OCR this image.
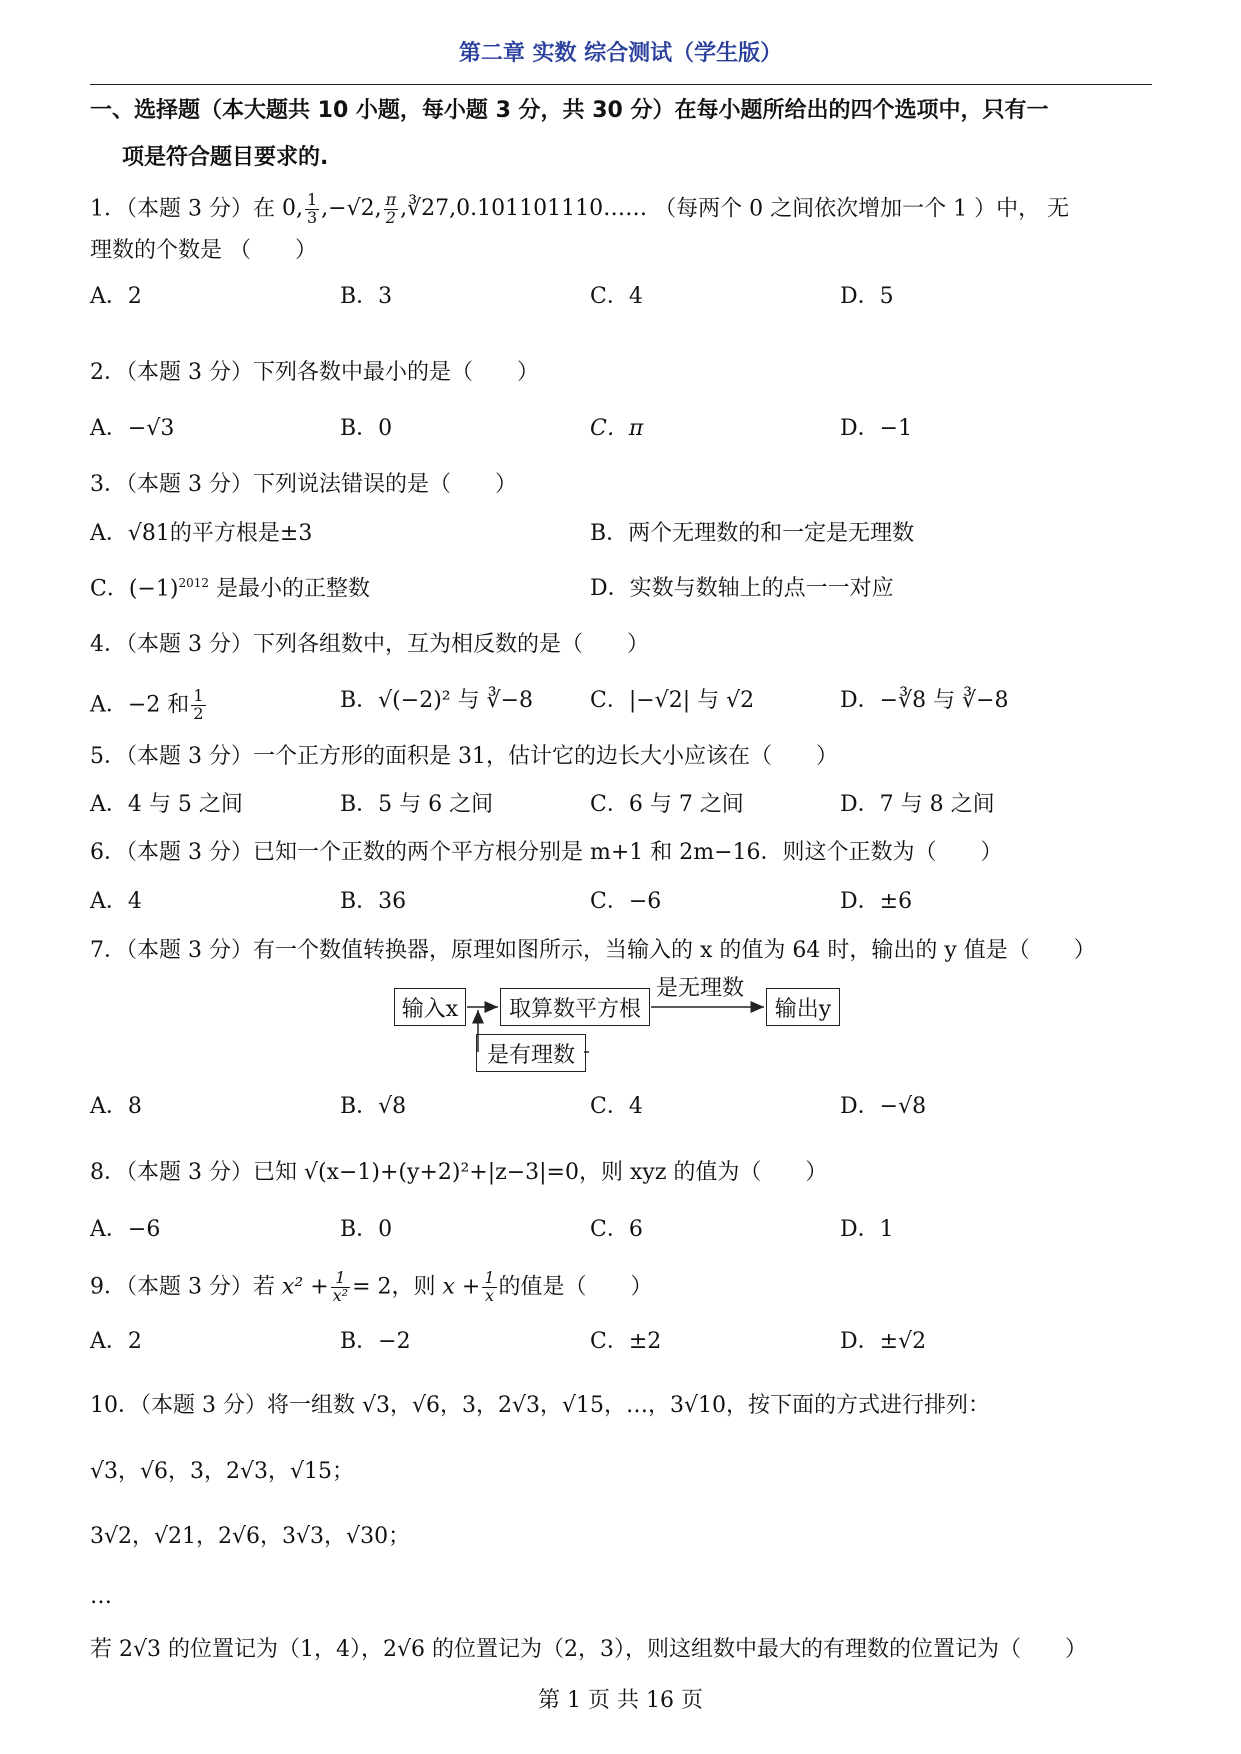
第二章 实数 综合测试（学生版）
一、选择题（本大题共 10 小题，每小题 3 分，共 30 分）在每小题所给出的四个选项中，只有一
项是符合题目要求的.
1．（本题 3 分）在 0, $\frac{1}{3} ,-√2$, $\frac{\pi}{2}$ ,∛27,0.101101110…… （每两个 0 之间依次增加一个 1 ）中， 无
理数的个数是 （　　）
A．2	B．3	C．4	D．5
2．（本题 3 分）下列各数中最小的是（　　）
A．−√3	B．0	C．π	D．−1
3．（本题 3 分）下列说法错误的是（　　）
A．√81的平方根是±3	B．两个无理数的和一定是无理数
C．$(-1)^{2012}$ 是最小的正整数	D．实数与数轴上的点一一对应
4．（本题 3 分）下列各组数中，互为相反数的是（　　）
A．−2 和 $\frac{1}{2}$	B．√(−2)² 与 ∛−8	C．|−√2| 与 √2	D．−∛8 与 ∛−8
5．（本题 3 分）一个正方形的面积是 31，估计它的边长大小应该在（　　）
A．4 与 5 之间	B．5 与 6 之间	C．6 与 7 之间	D．7 与 8 之间
6．（本题 3 分）已知一个正数的两个平方根分别是 m+1 和 2m−16．则这个正数为（　　）
A．4	B．36	C．−6	D．±6
7．（本题 3 分）有一个数值转换器，原理如图所示，当输入的 x 的值为 64 时，输出的 y 值是（　　）
输入x	取算数平方根	输出y
是有理数
是无理数
A．8	B．√8	C．4	D．−√8
8．（本题 3 分）已知 √(x−1)+(y+2)²+|z−3|=0，则 xyz 的值为（　　）
A．−6	B．0	C．6	D．1
9．（本题 3 分）若 $x^2 + \frac{1}{\text{x²}} = 2$，则 $x + \frac{1}{x}$ 的值是（　　）
A．2	B．−2	C．±2	D．±√2
10．（本题 3 分）将一组数 √3，√6，3，2√3，√15，…，3√10，按下面的方式进行排列：
√3，√6，3，2√3，√15；
3√2，√21，2√6，3√3，√30；
…
若 2√3 的位置记为（1，4），2√6 的位置记为（2，3），则这组数中最大的有理数的位置记为（　　）
第 1 页 共 16 页
